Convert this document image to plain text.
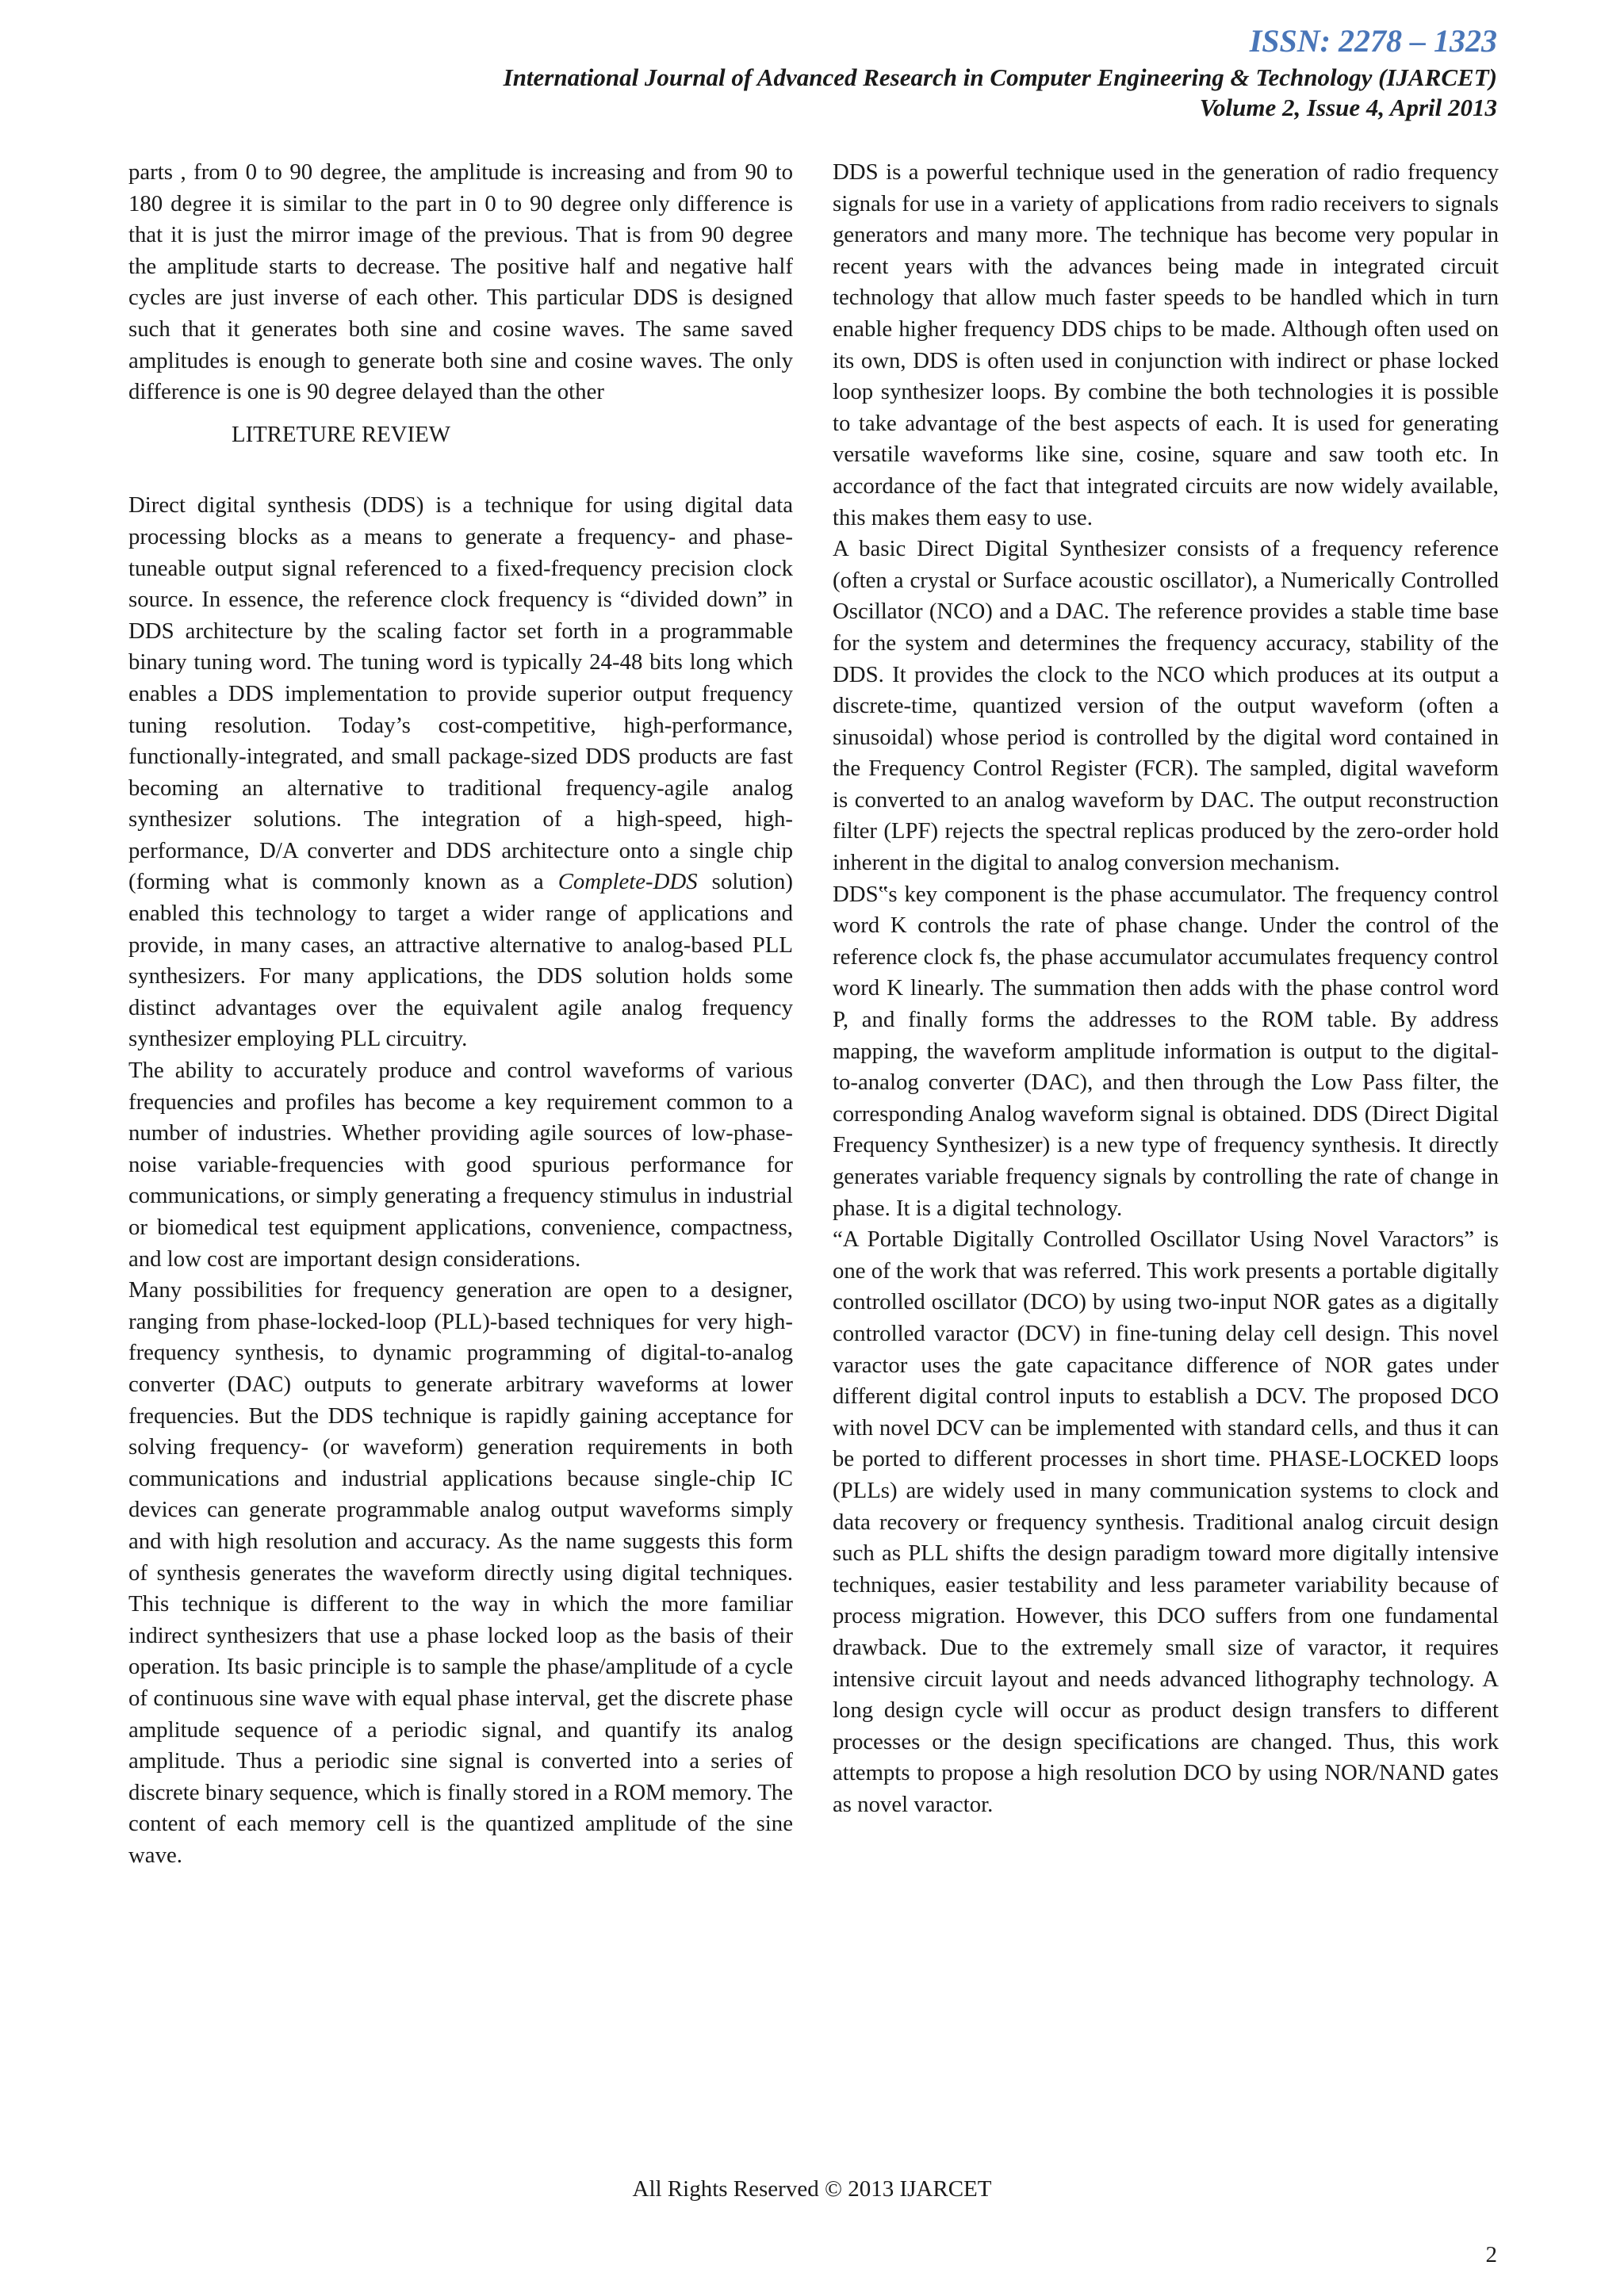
ISSN: 2278 – 1323
International Journal of Advanced Research in Computer Engineering & Technology (IJARCET)
Volume 2, Issue 4, April 2013

parts , from 0 to 90 degree, the amplitude is increasing and from 90 to 180 degree it is similar to the part in 0 to 90 degree only difference is that it is just the mirror image of the previous. That is from 90 degree the amplitude starts to decrease. The positive half and negative half cycles are just inverse of each other. This particular DDS is designed such that it generates both sine and cosine waves. The same saved amplitudes is enough to generate both sine and cosine waves. The only difference is one is 90 degree delayed than the other

LITRETURE REVIEW

Direct digital synthesis (DDS) is a technique for using digital data processing blocks as a means to generate a frequency- and phase-tuneable output signal referenced to a fixed-frequency precision clock source. In essence, the reference clock frequency is “divided down” in DDS architecture by the scaling factor set forth in a programmable binary tuning word. The tuning word is typically 24-48 bits long which enables a DDS implementation to provide superior output frequency tuning resolution. Today’s cost-competitive, high-performance, functionally-integrated, and small package-sized DDS products are fast becoming an alternative to traditional frequency-agile analog synthesizer solutions. The integration of a high-speed, high-performance, D/A converter and DDS architecture onto a single chip (forming what is commonly known as a Complete-DDS solution) enabled this technology to target a wider range of applications and provide, in many cases, an attractive alternative to analog-based PLL synthesizers. For many applications, the DDS solution holds some distinct advantages over the equivalent agile analog frequency synthesizer employing PLL circuitry.

The ability to accurately produce and control waveforms of various frequencies and profiles has become a key requirement common to a number of industries. Whether providing agile sources of low-phase-noise variable-frequencies with good spurious performance for communications, or simply generating a frequency stimulus in industrial or biomedical test equipment applications, convenience, compactness, and low cost are important design considerations.

Many possibilities for frequency generation are open to a designer, ranging from phase-locked-loop (PLL)-based techniques for very high-frequency synthesis, to dynamic programming of digital-to-analog converter (DAC) outputs to generate arbitrary waveforms at lower frequencies. But the DDS technique is rapidly gaining acceptance for solving frequency- (or waveform) generation requirements in both communications and industrial applications because single-chip IC devices can generate programmable analog output waveforms simply and with high resolution and accuracy. As the name suggests this form of synthesis generates the waveform directly using digital techniques. This technique is different to the way in which the more familiar indirect synthesizers that use a phase locked loop as the basis of their operation. Its basic principle is to sample the phase/amplitude of a cycle of continuous sine wave with equal phase interval, get the discrete phase amplitude sequence of a periodic signal, and quantify its analog amplitude. Thus a periodic sine signal is converted into a series of discrete binary sequence, which is finally stored in a ROM memory. The content of each memory cell is the quantized amplitude of the sine wave.

DDS is a powerful technique used in the generation of radio frequency signals for use in a variety of applications from radio receivers to signals generators and many more. The technique has become very popular in recent years with the advances being made in integrated circuit technology that allow much faster speeds to be handled which in turn enable higher frequency DDS chips to be made. Although often used on its own, DDS is often used in conjunction with indirect or phase locked loop synthesizer loops. By combine the both technologies it is possible to take advantage of the best aspects of each. It is used for generating versatile waveforms like sine, cosine, square and saw tooth etc. In accordance of the fact that integrated circuits are now widely available, this makes them easy to use.

A basic Direct Digital Synthesizer consists of a frequency reference (often a crystal or Surface acoustic oscillator), a Numerically Controlled Oscillator (NCO) and a DAC. The reference provides a stable time base for the system and determines the frequency accuracy, stability of the DDS. It provides the clock to the NCO which produces at its output a discrete-time, quantized version of the output waveform (often a sinusoidal) whose period is controlled by the digital word contained in the Frequency Control Register (FCR). The sampled, digital waveform is converted to an analog waveform by DAC. The output reconstruction filter (LPF) rejects the spectral replicas produced by the zero-order hold inherent in the digital to analog conversion mechanism.

DDS‟s key component is the phase accumulator. The frequency control word K controls the rate of phase change. Under the control of the reference clock fs, the phase accumulator accumulates frequency control word K linearly. The summation then adds with the phase control word P, and finally forms the addresses to the ROM table. By address mapping, the waveform amplitude information is output to the digital-to-analog converter (DAC), and then through the Low Pass filter, the corresponding Analog waveform signal is obtained. DDS (Direct Digital Frequency Synthesizer) is a new type of frequency synthesis. It directly generates variable frequency signals by controlling the rate of change in phase. It is a digital technology.

“A Portable Digitally Controlled Oscillator Using Novel Varactors” is one of the work that was referred. This work presents a portable digitally controlled oscillator (DCO) by using two-input NOR gates as a digitally controlled varactor (DCV) in fine-tuning delay cell design. This novel varactor uses the gate capacitance difference of NOR gates under different digital control inputs to establish a DCV. The proposed DCO with novel DCV can be implemented with standard cells, and thus it can be ported to different processes in short time. PHASE-LOCKED loops (PLLs) are widely used in many communication systems to clock and data recovery or frequency synthesis. Traditional analog circuit design such as PLL shifts the design paradigm toward more digitally intensive techniques, easier testability and less parameter variability because of process migration. However, this DCO suffers from one fundamental drawback. Due to the extremely small size of varactor, it requires intensive circuit layout and needs advanced lithography technology. A long design cycle will occur as product design transfers to different processes or the design specifications are changed. Thus, this work attempts to propose a high resolution DCO by using NOR/NAND gates as novel varactor.

All Rights Reserved © 2013 IJARCET
2
